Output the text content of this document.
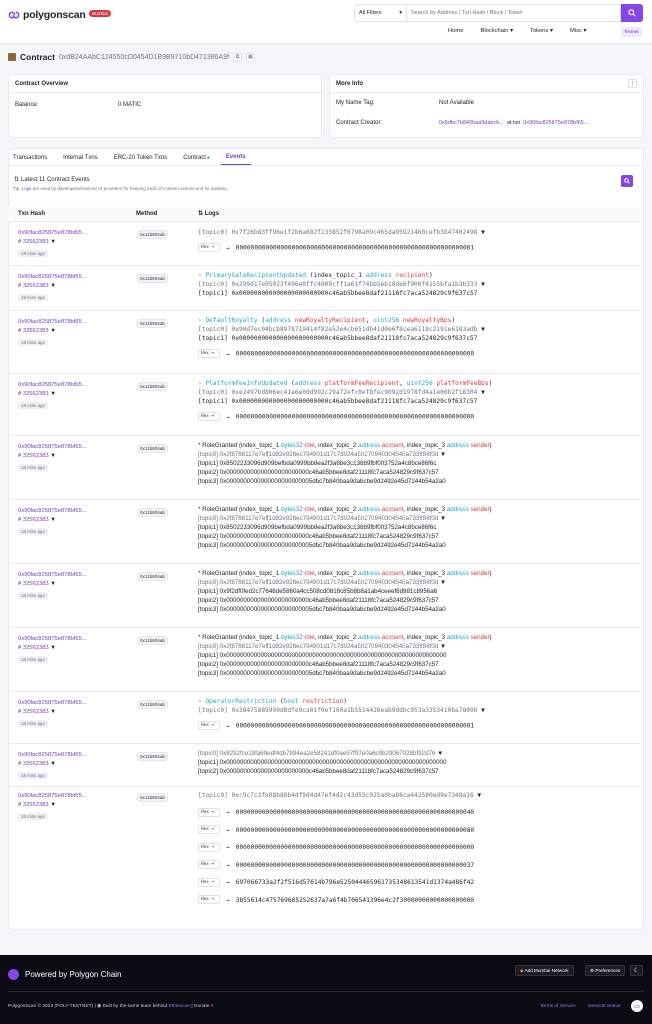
polygonscan	Mumbai	All Filters	▾	Search by Address / Txn Hash / Block / Token
Home	Blockchain ▾	Tokens ▾	Misc ▾	Testnet
Contract 0xdB24AAbC124550cD0454D1B9B9710bD471386A9f	⧉	▦
Contract Overview
Balance:	0 MATIC
More Info	⋮
My Name Tag:	Not Available
Contract Creator:	0x5dbc7b840baa9dabcb... at txn 0x90fac825875e878bf65...
Transactions	Internal Txns	ERC-20 Token Txns	Contract ●	Events
⇅ Latest 11 Contract Events
Tip: Logs are used by developers/external UI providers for keeping track of contract actions and for auditing
Txn Hash	Method	⇅ Logs
0x90fac825875e878bf65...
# 32562383 ▼
18 mins ago
0x11b804ab	[topic0] 0x7f26b83ff96e1f2b6a682f133852f6798a09c465da95921460cefb3847402498 ▼
Hex ▾ → 0000000000000000000000000000000000000000000000000000000000000001
0x90fac825875e878bf65...
# 32562383 ▼
18 mins ago
0x11b804ab	› PrimarySaleRecipientUpdated (index_topic_1 address recipient)
[topic0] 0x299d17e95023f496e0ffc4909cff1a61f74bb5eb18de6f900f4155bfa1b3b333 ▼
[topic1] 0x000000000000000000000000c46ab5bbee8daf21118fc7aca524829c9f637c57
0x90fac825875e878bf65...
# 32562383 ▼
18 mins ago
0x11b804ab	› DefaultRoyalty (address newRoyaltyRecipient, uint256 newRoyaltyBps)
[topic0] 0x90d7ec04bcb8978719414f82e52e4cb651db41d0e6f8cea6118c2191e6183adb ▼
[topic1] 0x000000000000000000000000c46ab5bbee8daf21118fc7aca524829c9f637c57
Hex ▾ → 0000000000000000000000000000000000000000000000000000000000000000
0x90fac825875e878bf65...
# 32562383 ▼
18 mins ago
0x11b804ab	› PlatformFeeInfoUpdated (address platformFeeRecipient, uint256 platformFeeBps)
[topic0] 0xe2497bd806ec41a6e0dd992c29a72efc0ef8fec9092d1978fd4a1e00b2f18304 ▼
[topic1] 0x000000000000000000000000c46ab5bbee8daf21118fc7aca524829c9f637c57
Hex ▾ → 0000000000000000000000000000000000000000000000000000000000000000
0x90fac825875e878bf65...
# 32562383 ▼
18 mins ago
0x11b804ab	* RoleGranted (index_topic_1 bytes32 role, index_topic_2 address account, index_topic_3 address sender)
[topic0] 0x2f8788117e7eff1d82e926ec794901d17c78024a50270940304540a733656f0d ▼
[topic1] 0x8502233096d909befbda0999bb8ea2f3a6be3c138b9fbf003752a4c8bce86f6c
[topic2] 0x000000000000000000000000c46ab5bbee8daf21118fc7aca524829c9f637c57
[topic3] 0x0000000000000000000000005dbc7b840baa9dabcbe9d2492e45d7244b54a2a0
0x90fac825875e878bf65...
# 32562383 ▼
18 mins ago
0x11b804ab	* RoleGranted (index_topic_1 bytes32 role, index_topic_2 address account, index_topic_3 address sender)
[topic0] 0x2f8788117e7eff1d82e926ec794901d17c78024a50270940304540a733656f0d ▼
[topic1] 0x8502233096d909befbda0999bb8ea2f3a6be3c138b9fbf003752a4c8bce86f6c
[topic2] 0x000000000000000000000000c46ab5bbee8daf21118fc7aca524829c9f637c57
[topic3] 0x0000000000000000000000005dbc7b840baa9dabcbe9d2492e45d7244b54a2a0
0x90fac825875e878bf65...
# 32562383 ▼
18 mins ago
0x11b804ab	* RoleGranted (index_topic_1 bytes32 role, index_topic_2 address account, index_topic_3 address sender)
[topic0] 0x2f8788117e7eff1d82e926ec794901d17c78024a50270940304540a733656f0d ▼
[topic1] 0x9f2df0fed2c77648de5860a4cc508cd0818c85b8b8a1ab4ceeef8d981c8956a6
[topic2] 0x000000000000000000000000c46ab5bbee8daf21118fc7aca524829c9f637c57
[topic3] 0x0000000000000000000000005dbc7b840baa9dabcbe9d2492e45d7244b54a2a0
0x90fac825875e878bf65...
# 32562383 ▼
18 mins ago
0x11b804ab	* RoleGranted (index_topic_1 bytes32 role, index_topic_2 address account, index_topic_3 address sender)
[topic0] 0x2f8788117e7eff1d82e926ec794901d17c78024a50270940304540a733656f0d ▼
[topic1] 0x0000000000000000000000000000000000000000000000000000000000000000
[topic2] 0x000000000000000000000000c46ab5bbee8daf21118fc7aca524829c9f637c57
[topic3] 0x0000000000000000000000005dbc7b840baa9dabcbe9d2492e45d7244b54a2a0
0x90fac825875e878bf65...
# 32562383 ▼
18 mins ago
0x11b804ab	› OperatorRestriction (bool restriction)
[topic0] 0x38475885990d8dfe9ca01f0ef160a1b5514426eab9ddbc953a3353410ba78096 ▼
Hex ▾ → 0000000000000000000000000000000000000000000000000000000000000001
0x90fac825875e878bf65...
# 32562383 ▼
18 mins ago
0x11b804ab	[topic0] 0x8292fce18fa69edf4db7b94ea2e58241df0ae57f97e0a6c9b29067028bf92d76 ▼
[topic1] 0x0000000000000000000000000000000000000000000000000000000000000000
[topic2] 0x000000000000000000000000c46ab5bbee8daf21118fc7aca524829c9f637c57
0x90fac825875e878bf65...
# 32562383 ▼
18 mins ago
0x11b804ab	[topic0] 0xc9c7c3fe08b88b4df9d4d47ef4d2c43d55c025a0ba88ca442580ed9e7348a16 ▼
Hex ▾ → 0000000000000000000000000000000000000000000000000000000000000040
Hex ▾ → 0000000000000000000000000000000000000000000000000000000000000080
Hex ▾ → 0000000000000000000000000000000000000000000000000000000000000000
Hex ▾ → 0000000000000000000000000000000000000000000000000000000000000037
Hex ▾ → 697066733a2f2f516d57614b796e525044465961735348613541d1374a486f42
Hex ▾ → 3855614c475769685252637a7a6f4b706541396e4c2f30000000000000000000
Powered by Polygon Chain	◆ Add Mumbai Network	⚙ Preferences	☾
PolygonScan © 2023 (POLY-TESTNET) | ◉ Built by the same team behind Etherscan | Donate ♥	Terms of Service	Network Status ▭
